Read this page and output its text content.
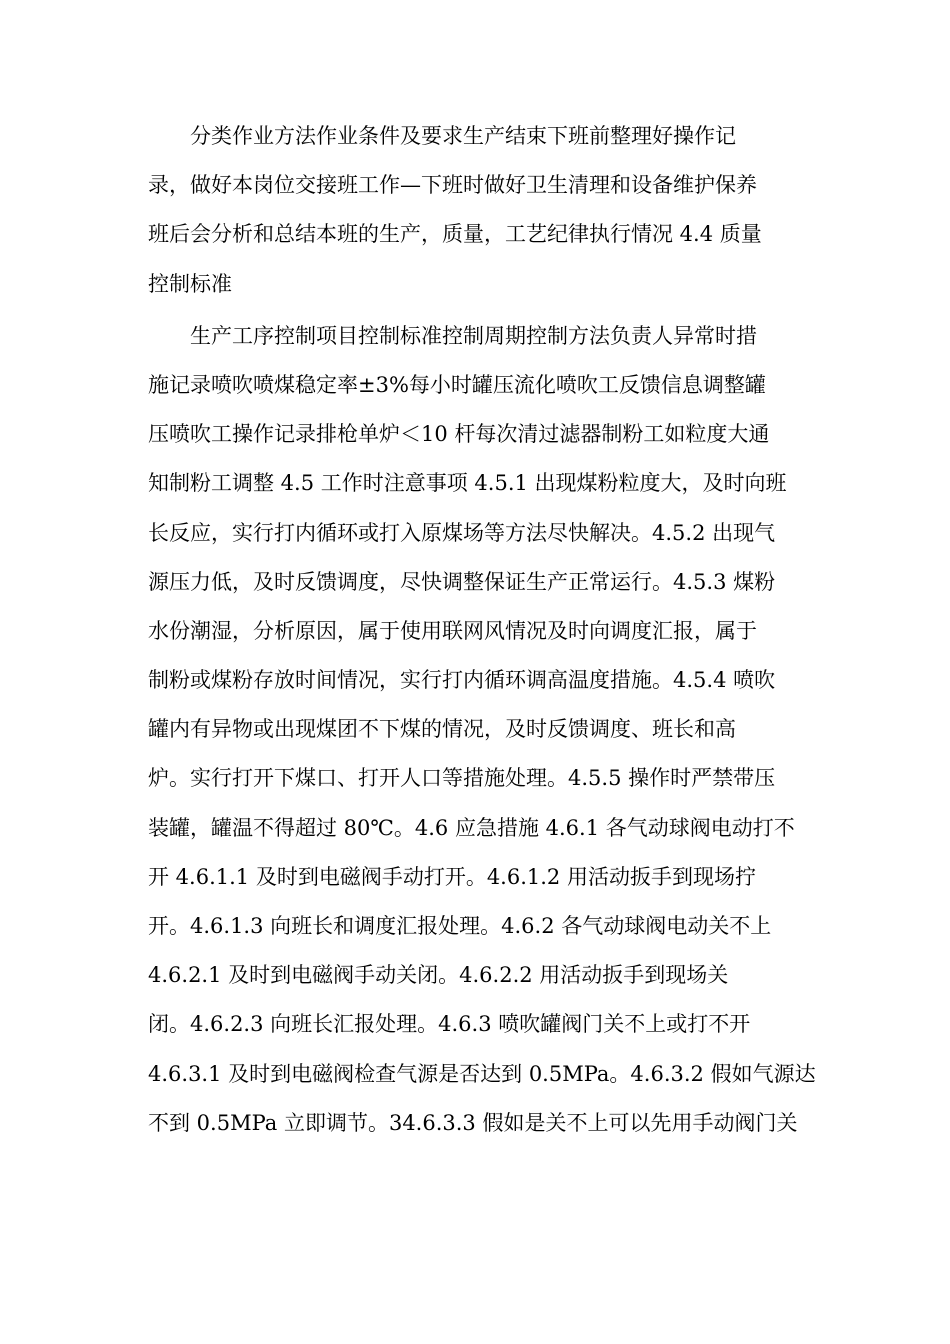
分类作业方法作业条件及要求生产结束下班前整理好操作记
录，做好本岗位交接班工作—下班时做好卫生清理和设备维护保养
班后会分析和总结本班的生产，质量，工艺纪律执行情况 4.4 质量
控制标准
生产工序控制项目控制标准控制周期控制方法负责人异常时措
施记录喷吹喷煤稳定率±3%每小时罐压流化喷吹工反馈信息调整罐
压喷吹工操作记录排枪单炉＜10 杆每次清过滤器制粉工如粒度大通
知制粉工调整 4.5 工作时注意事项 4.5.1 出现煤粉粒度大，及时向班
长反应，实行打内循环或打入原煤场等方法尽快解决。4.5.2 出现气
源压力低，及时反馈调度，尽快调整保证生产正常运行。4.5.3 煤粉
水份潮湿，分析原因，属于使用联网风情况及时向调度汇报，属于
制粉或煤粉存放时间情况，实行打内循环调高温度措施。4.5.4 喷吹
罐内有异物或出现煤团不下煤的情况，及时反馈调度、班长和高
炉。实行打开下煤口、打开人口等措施处理。4.5.5 操作时严禁带压
装罐，罐温不得超过 80℃。4.6 应急措施 4.6.1 各气动球阀电动打不
开 4.6.1.1 及时到电磁阀手动打开。4.6.1.2 用活动扳手到现场拧
开。4.6.1.3 向班长和调度汇报处理。4.6.2 各气动球阀电动关不上
4.6.2.1 及时到电磁阀手动关闭。4.6.2.2 用活动扳手到现场关
闭。4.6.2.3 向班长汇报处理。4.6.3 喷吹罐阀门关不上或打不开
4.6.3.1 及时到电磁阀检查气源是否达到 0.5MPa。4.6.3.2 假如气源达
不到 0.5MPa 立即调节。34.6.3.3 假如是关不上可以先用手动阀门关
